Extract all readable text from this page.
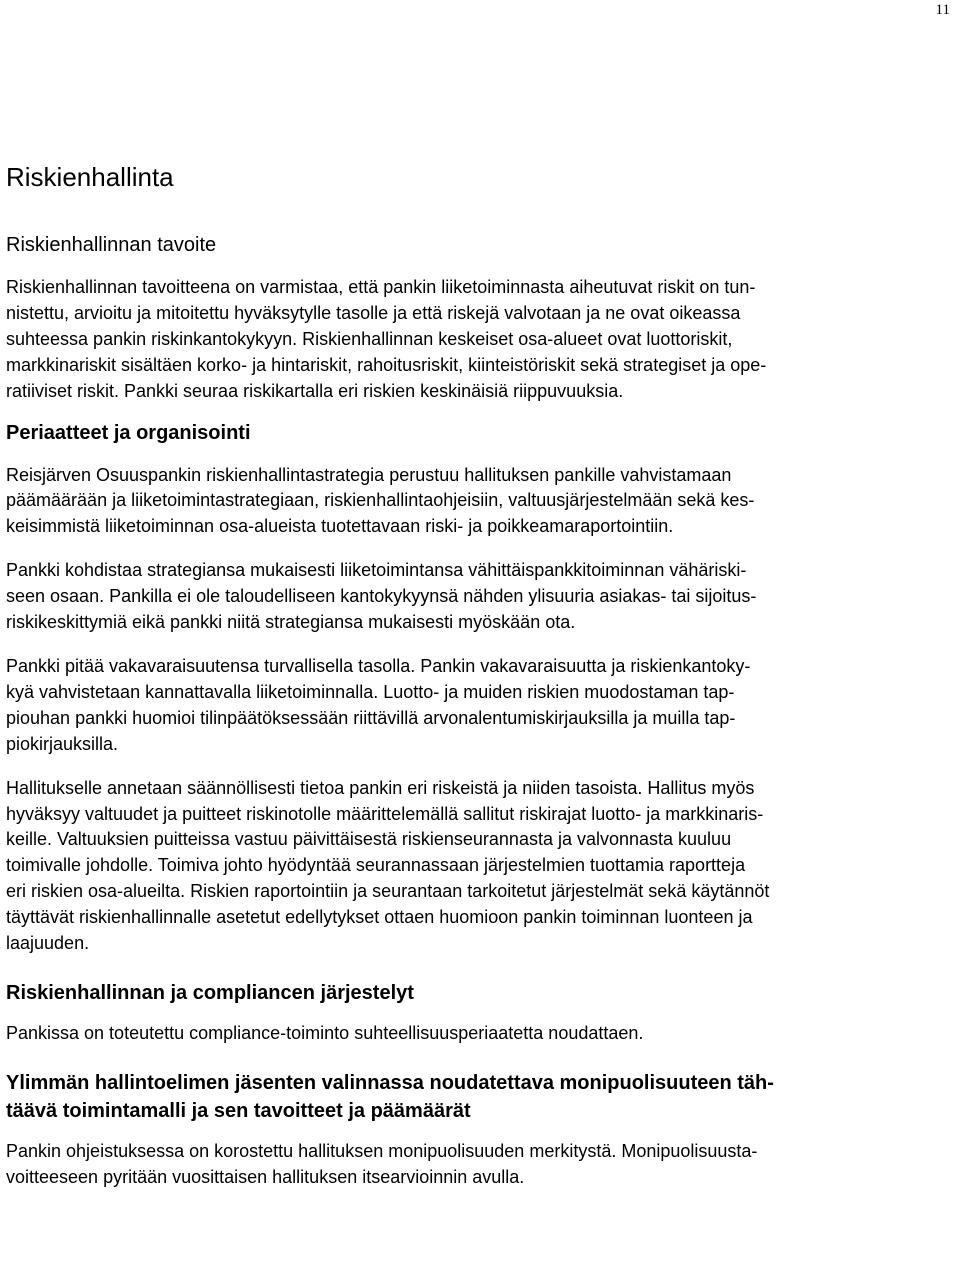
11
Riskienhallinta
Riskienhallinnan tavoite

Riskienhallinnan tavoitteena on varmistaa, että pankin liiketoiminnasta aiheutuvat riskit on tun-
nistettu, arvioitu ja mitoitettu hyväksytylle tasolle ja että riskejä valvotaan ja ne ovat oikeassa
suhteessa pankin riskinkantokykyyn. Riskienhallinnan keskeiset osa-alueet ovat luottoriskit,
markkinariskit sisältäen korko- ja hintariskit, rahoitusriskit, kiinteistöriskit sekä strategiset ja ope-
ratiiviset riskit. Pankki seuraa riskikartalla eri riskien keskinäisiä riippuvuuksia.

Periaatteet ja organisointi

Reisjärven Osuuspankin riskienhallintastrategia perustuu hallituksen pankille vahvistamaan
päämäärään ja liiketoimintastrategiaan, riskienhallintaohjeisiin, valtuusjärjestelmään sekä kes-
keisimmistä liiketoiminnan osa-alueista tuotettavaan riski- ja poikkeamaraportointiin.

Pankki kohdistaa strategiansa mukaisesti liiketoimintansa vähittäispankkitoiminnan vähäriski-
seen osaan. Pankilla ei ole taloudelliseen kantokykyynsä nähden ylisuuria asiakas- tai sijoitus-
riskikeskittymiä eikä pankki niitä strategiansa mukaisesti myöskään ota.

Pankki pitää vakavaraisuutensa turvallisella tasolla. Pankin vakavaraisuutta ja riskienkantoky-
kyä vahvistetaan kannattavalla liiketoiminnalla. Luotto- ja muiden riskien muodostaman tap-
piouhan pankki huomioi tilinpäätöksessään riittävillä arvonalentumiskirjauksilla ja muilla tap-
piokirjauksilla.

Hallitukselle annetaan säännöllisesti tietoa pankin eri riskeistä ja niiden tasoista. Hallitus myös
hyväksyy valtuudet ja puitteet riskinotolle määrittelemällä sallitut riskirajat luotto- ja markkinaris-
keille. Valtuuksien puitteissa vastuu päivittäisestä riskienseurannasta ja valvonnasta kuuluu
toimivalle johdolle. Toimiva johto hyödyntää seurannassaan järjestelmien tuottamia raportteja
eri riskien osa-alueilta. Riskien raportointiin ja seurantaan tarkoitetut järjestelmät sekä käytännöt
täyttävät riskienhallinnalle asetetut edellytykset ottaen huomioon pankin toiminnan luonteen ja
laajuuden.

Riskienhallinnan ja compliancen järjestelyt

Pankissa on toteutettu compliance-toiminto suhteellisuusperiaatetta noudattaen.

Ylimmän hallintoelimen jäsenten valinnassa noudatettava monipuolisuuteen täh-
täävä toimintamalli ja sen tavoitteet ja päämäärät

Pankin ohjeistuksessa on korostettu hallituksen monipuolisuuden merkitystä. Monipuolisuusta-
voitteeseen pyritään vuosittaisen hallituksen itsearvioinnin avulla.
